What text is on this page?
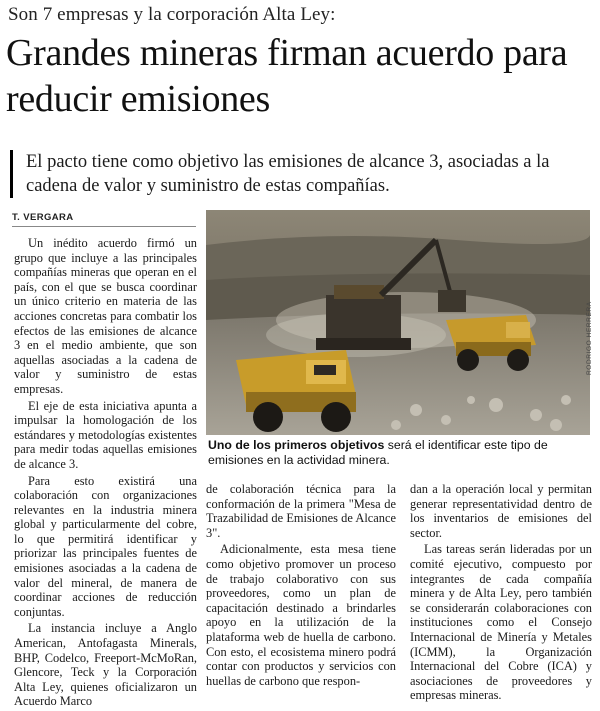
Son 7 empresas y la corporación Alta Ley:
Grandes mineras firman acuerdo para reducir emisiones
El pacto tiene como objetivo las emisiones de alcance 3, asociadas a la cadena de valor y suministro de estas compañías.
T. VERGARA

Un inédito acuerdo firmó un grupo que incluye a las principales compañías mineras que operan en el país, con el que se busca coordinar un único criterio en materia de las acciones concretas para combatir los efectos de las emisiones de alcance 3 en el medio ambiente, que son aquellas asociadas a la cadena de valor y suministro de estas empresas.

El eje de esta iniciativa apunta a impulsar la homologación de los estándares y metodologías existentes para medir todas aquellas emisiones de alcance 3.

Para esto existirá una colaboración con organizaciones relevantes en la industria minera global y particularmente del cobre, lo que permitirá identificar y priorizar las principales fuentes de emisiones asociadas a la cadena de valor del mineral, de manera de coordinar acciones de reducción conjuntas.

La instancia incluye a Anglo American, Antofagasta Minerals, BHP, Codelco, Freeport-McMoRan, Glencore, Teck y la Corporación Alta Ley, quienes oficializaron un Acuerdo Marco

RODRIGO HERRERA
Uno de los primeros objetivos será el identificar este tipo de emisiones en la actividad minera.

de colaboración técnica para la conformación de la primera "Mesa de Trazabilidad de Emisiones de Alcance 3".

Adicionalmente, esta mesa tiene como objetivo promover un proceso de trabajo colaborativo con sus proveedores, como un plan de capacitación destinado a brindarles apoyo en la utilización de la plataforma web de huella de carbono. Con esto, el ecosistema minero podrá contar con productos y servicios con huellas de carbono que respon-

dan a la operación local y permitan generar representatividad dentro de los inventarios de emisiones del sector.

Las tareas serán lideradas por un comité ejecutivo, compuesto por integrantes de cada compañía minera y de Alta Ley, pero también se considerarán colaboraciones con instituciones como el Consejo Internacional de Minería y Metales (ICMM), la Organización Internacional del Cobre (ICA) y asociaciones de proveedores y empresas mineras.
